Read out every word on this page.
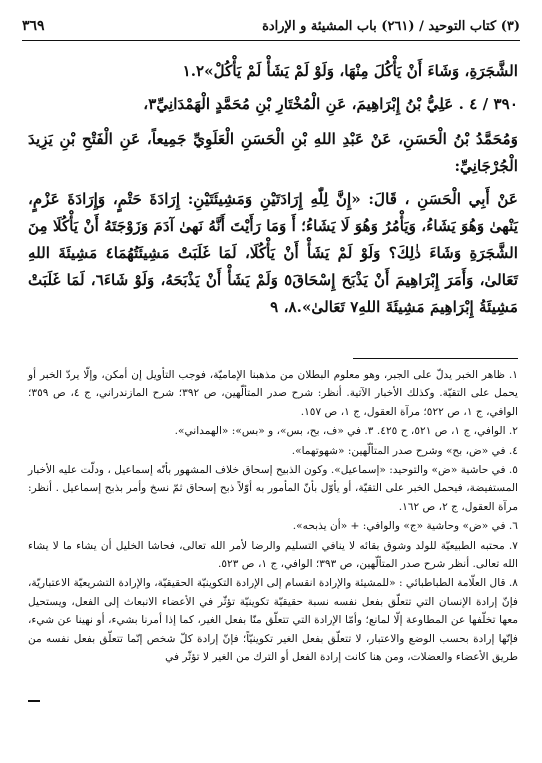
(٣) كتاب التوحيد / (٢٦١) باب المشيئة و الإرادة
٣٦٩

الشَّجَرَةِ، وَشَاءَ أَنْ يَأْكُلَ مِنْهَا، وَلَوْ لَمْ يَشَأْ لَمْ يَأْكُلْ»١.٢

٣٩٠ / ٤ . عَلِيُّ بْنُ إِبْرَاهِيمَ، عَنِ الْمُخْتَارِ بْنِ مُحَمَّدٍ الْهَمْدَانِيِّ٣،

وَمُحَمَّدُ بْنُ الْحَسَنِ، عَنْ عَبْدِ اللهِ بْنِ الْحَسَنِ الْعَلَوِيِّ جَمِيعاً، عَنِ الْفَتْحِ بْنِ يَزِيدَ الْجُرْجَانِيِّ:

عَنْ أَبِي الْحَسَنِ ، قَالَ: «إِنَّ لِلّٰهِ إِرَادَتَيْنِ وَمَشِيئَتَيْنِ: إِرَادَةَ حَتْمٍ، وَإِرَادَةَ عَزْمٍ، يَنْهىٰ وَهُوَ يَشَاءُ، وَيَأْمُرُ وَهُوَ لَا يَشَاءُ؛ أَ وَمَا رَأَيْتَ أَنَّهُ نَهىٰ آدَمَ وَزَوْجَتَهُ أَنْ يَأْكُلَا مِنَ الشَّجَرَةِ وَشَاءَ ذٰلِكَ؟ وَلَوْ لَمْ يَشَأْ أَنْ يَأْكُلَا، لَمَا غَلَبَتْ مَشِيئَتُهُمَا٤ مَشِيئَةَ اللهِ تَعَالىٰ، وَأَمَرَ إِبْرَاهِيمَ أَنْ يَذْبَحَ إِسْحَاقَ٥ وَلَمْ يَشَأْ أَنْ يَذْبَحَهُ، وَلَوْ شَاءَ٦، لَمَا غَلَبَتْ مَشِيئَةُ إِبْرَاهِيمَ مَشِيئَةَ اللهِ٧ تَعَالىٰ».٨، ٩

١. ظاهر الخبر يدلّ على الجبر، وهو معلوم البطلان من مذهبنا الإماميّة، فوجب التأويل إن أمكن، وإلّا يردّ الخبر أو يحمل على التقيّة. وكذلك الأخبار الآتية. أنظر: شرح صدر المتألّهين، ص ٣٩٢؛ شرح المازندراني، ج ٤، ص ٣٥٩؛ الوافي، ج ١، ص ٥٢٢؛ مرآة العقول، ج ١، ص ١٥٧.

٢. الوافي، ج ١، ص ٥٢١، ح ٤٢٥. ٣. في «ف، بح، بس»، و «بس»: «الهمداني».

٤. في «ض، بح» وشرح صدر المتألّهين: «شهوتهما».

٥. في حاشية «ض» والتوحيد: «إسماعيل». وكون الذبيح إسحاق خلاف المشهور بأنّه إسماعيل ، ودلّت عليه الأخبار المستفيضة، فيحمل الخبر على التقيّة، أو يأوّل بأنّ المأمور به أوّلاً ذبح إسحاق ثمّ نسخ وأمر بذبح إسماعيل . أنظر: مرآة العقول، ج ٢، ص ١٦٢.

٦. في «ض» وحاشية «ج» والوافي: + «أن يذبحه».

٧. محتبه الطبيعيّة للولد وشوق بقائه لا ينافي التسليم والرضا لأمر الله تعالى، فحاشا الخليل أن يشاء ما لا يشاء الله تعالى. أنظر شرح صدر المتألّهين، ص ٣٩٣؛ الوافي، ج ١، ص ٥٢٣.

٨. قال العلّامة الطباطبائي : «للمشيئة والإرادة انقسام إلى الإرادة التكوينيّة الحقيقيّة، والإرادة التشريعيّة الاعتباريّة، فإنّ إرادة الإنسان التي تتعلّق بفعل نفسه نسبة حقيقيّة تكوينيّة تؤثّر في الأعضاء الانبعاث إلى الفعل، ويستحيل معها تخلّفها عن المطاوعة إلّا لمانع؛ وأمّا الإرادة التي تتعلّق منّا بفعل الغير، كما إذا أمرنا بشيء، أو نهينا عن شيء، فإنّها إرادة بحسب الوضع والاعتبار، لا تتعلّق بفعل الغير تكوينيّاً؛ فإنّ إرادة كلّ شخص إنّما تتعلّق بفعل نفسه من طريق الأعضاء والعضلات، ومن هنا كانت إرادة الفعل أو الترك من الغير لا تؤثّر في
